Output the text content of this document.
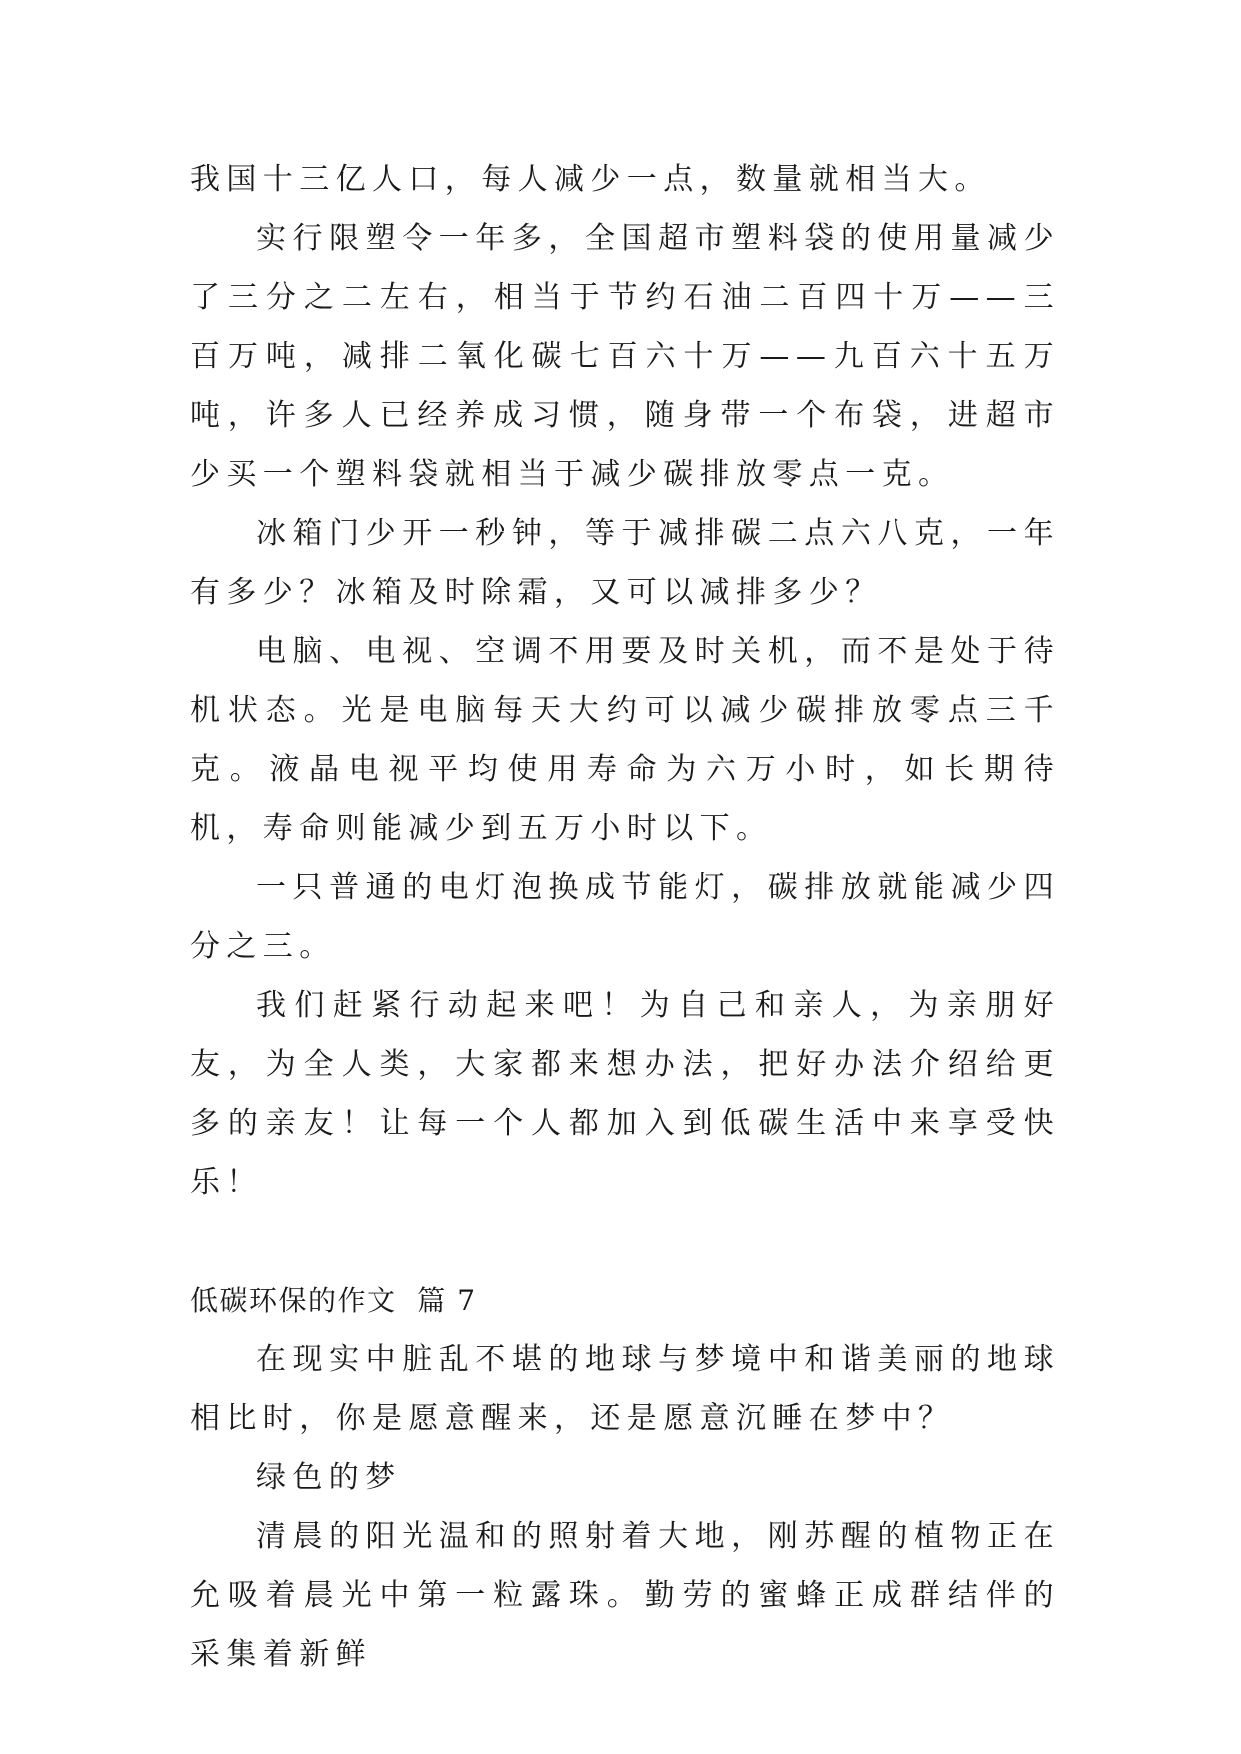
我国十三亿人口，每人减少一点，数量就相当大。

实行限塑令一年多，全国超市塑料袋的使用量减少了三分之二左右，相当于节约石油二百四十万——三百万吨，减排二氧化碳七百六十万——九百六十五万吨，许多人已经养成习惯，随身带一个布袋，进超市少买一个塑料袋就相当于减少碳排放零点一克。

冰箱门少开一秒钟，等于减排碳二点六八克，一年有多少？冰箱及时除霜，又可以减排多少？

电脑、电视、空调不用要及时关机，而不是处于待机状态。光是电脑每天大约可以减少碳排放零点三千克。液晶电视平均使用寿命为六万小时，如长期待机，寿命则能减少到五万小时以下。

一只普通的电灯泡换成节能灯，碳排放就能减少四分之三。

我们赶紧行动起来吧！为自己和亲人，为亲朋好友，为全人类，大家都来想办法，把好办法介绍给更多的亲友！让每一个人都加入到低碳生活中来享受快乐！

低碳环保的作文  篇 7

在现实中脏乱不堪的地球与梦境中和谐美丽的地球相比时，你是愿意醒来，还是愿意沉睡在梦中？

绿色的梦

清晨的阳光温和的照射着大地，刚苏醒的植物正在允吸着晨光中第一粒露珠。勤劳的蜜蜂正成群结伴的采集着新鲜
